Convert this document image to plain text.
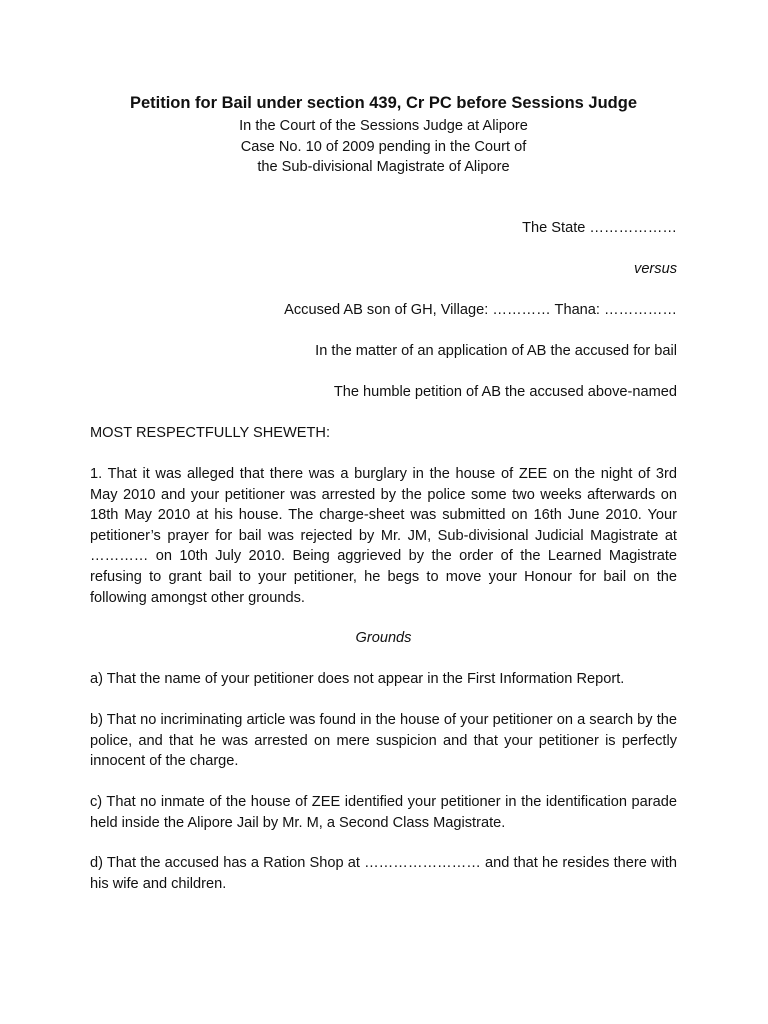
Petition for Bail under section 439, Cr PC before Sessions Judge
In the Court of the Sessions Judge at Alipore
Case No. 10 of 2009 pending in the Court of
the Sub-divisional Magistrate of Alipore
The State ………………
versus
Accused AB son of GH, Village: ………… Thana: ……………
In the matter of an application of AB the accused for bail
The humble petition of AB the accused above-named
MOST RESPECTFULLY SHEWETH:
1. That it was alleged that there was a burglary in the house of ZEE on the night of 3rd May 2010 and your petitioner was arrested by the police some two weeks afterwards on 18th May 2010 at his house. The charge-sheet was submitted on 16th June 2010. Your petitioner’s prayer for bail was rejected by Mr. JM, Sub-divisional Judicial Magistrate at ………… on 10th July 2010. Being aggrieved by the order of the Learned Magistrate refusing to grant bail to your petitioner, he begs to move your Honour for bail on the following amongst other grounds.
Grounds
a) That the name of your petitioner does not appear in the First Information Report.
b) That no incriminating article was found in the house of your petitioner on a search by the police, and that he was arrested on mere suspicion and that your petitioner is perfectly innocent of the charge.
c) That no inmate of the house of ZEE identified your petitioner in the identification parade held inside the Alipore Jail by Mr. M, a Second Class Magistrate.
d) That the accused has a Ration Shop at …………………… and that he resides there with his wife and children.
